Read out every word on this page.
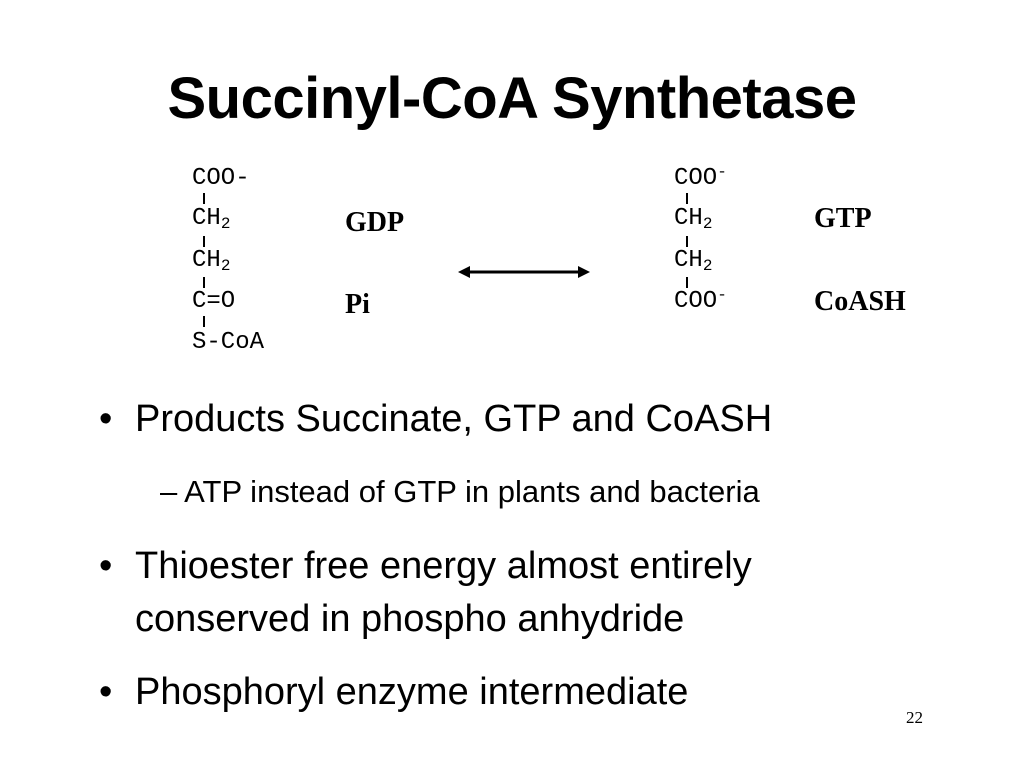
Succinyl-CoA Synthetase
COO-
$CH_2$
$CH_2$
C=O
S-CoA
GDP
Pi
COO-
$CH_2$
$CH_2$
COO-
GTP
CoASH
• Products Succinate, GTP and CoASH
– ATP instead of GTP in plants and bacteria
• Thioester free energy almost entirely
conserved in phospho anhydride
• Phosphoryl enzyme intermediate
22
